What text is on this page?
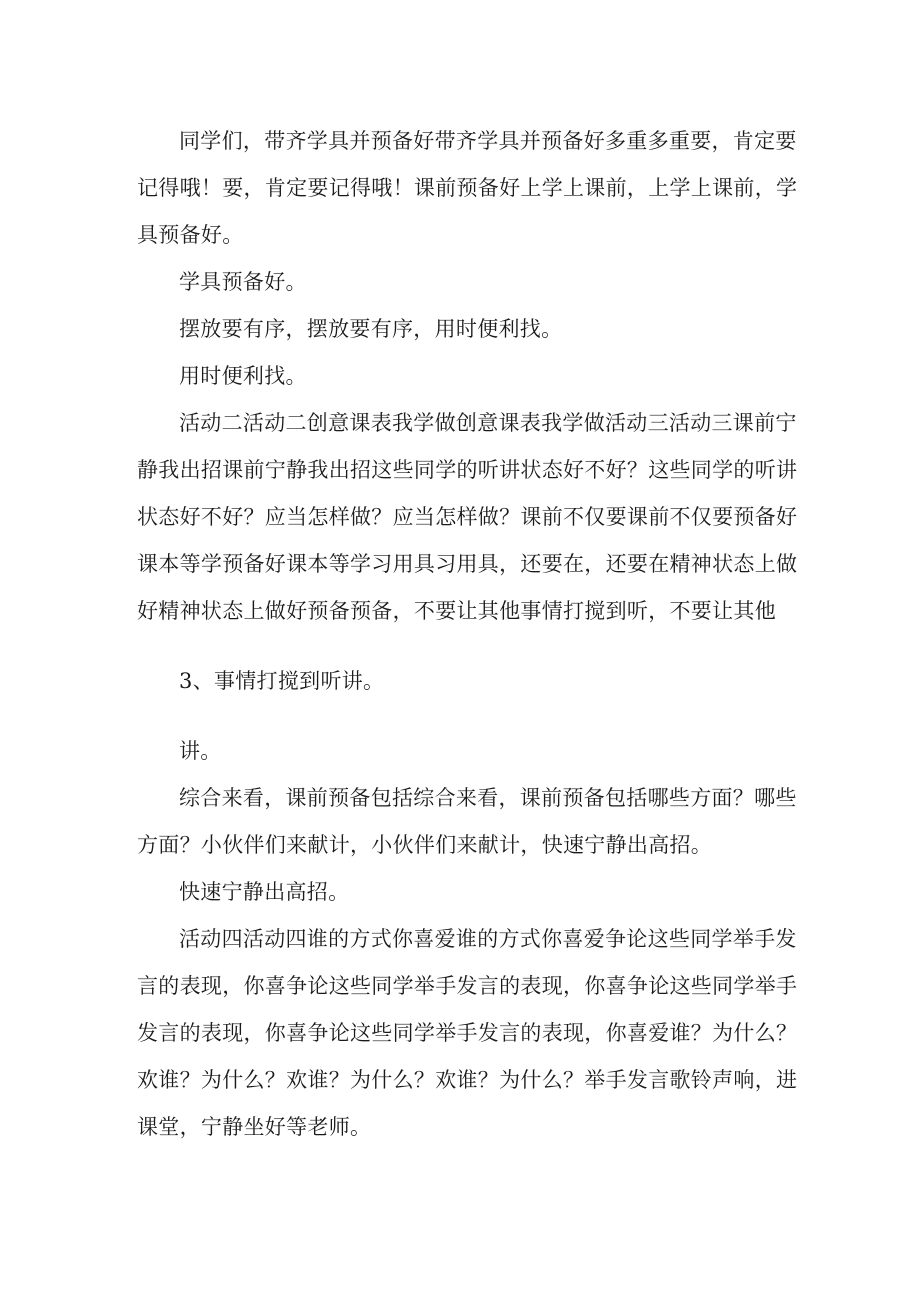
同学们，带齐学具并预备好带齐学具并预备好多重多重要，肯定要记得哦！要，肯定要记得哦！课前预备好上学上课前，上学上课前，学具预备好。

学具预备好。

摆放要有序，摆放要有序，用时便利找。

用时便利找。

活动二活动二创意课表我学做创意课表我学做活动三活动三课前宁静我出招课前宁静我出招这些同学的听讲状态好不好？这些同学的听讲状态好不好？应当怎样做？应当怎样做？课前不仅要课前不仅要预备好课本等学预备好课本等学习用具习用具，还要在，还要在精神状态上做好精神状态上做好预备预备，不要让其他事情打搅到听，不要让其他

3、事情打搅到听讲。

讲。

综合来看，课前预备包括综合来看，课前预备包括哪些方面？哪些方面？小伙伴们来献计，小伙伴们来献计，快速宁静出高招。

快速宁静出高招。

活动四活动四谁的方式你喜爱谁的方式你喜爱争论这些同学举手发言的表现，你喜争论这些同学举手发言的表现，你喜争论这些同学举手发言的表现，你喜争论这些同学举手发言的表现，你喜爱谁？为什么？欢谁？为什么？欢谁？为什么？欢谁？为什么？举手发言歌铃声响，进课堂，宁静坐好等老师。
